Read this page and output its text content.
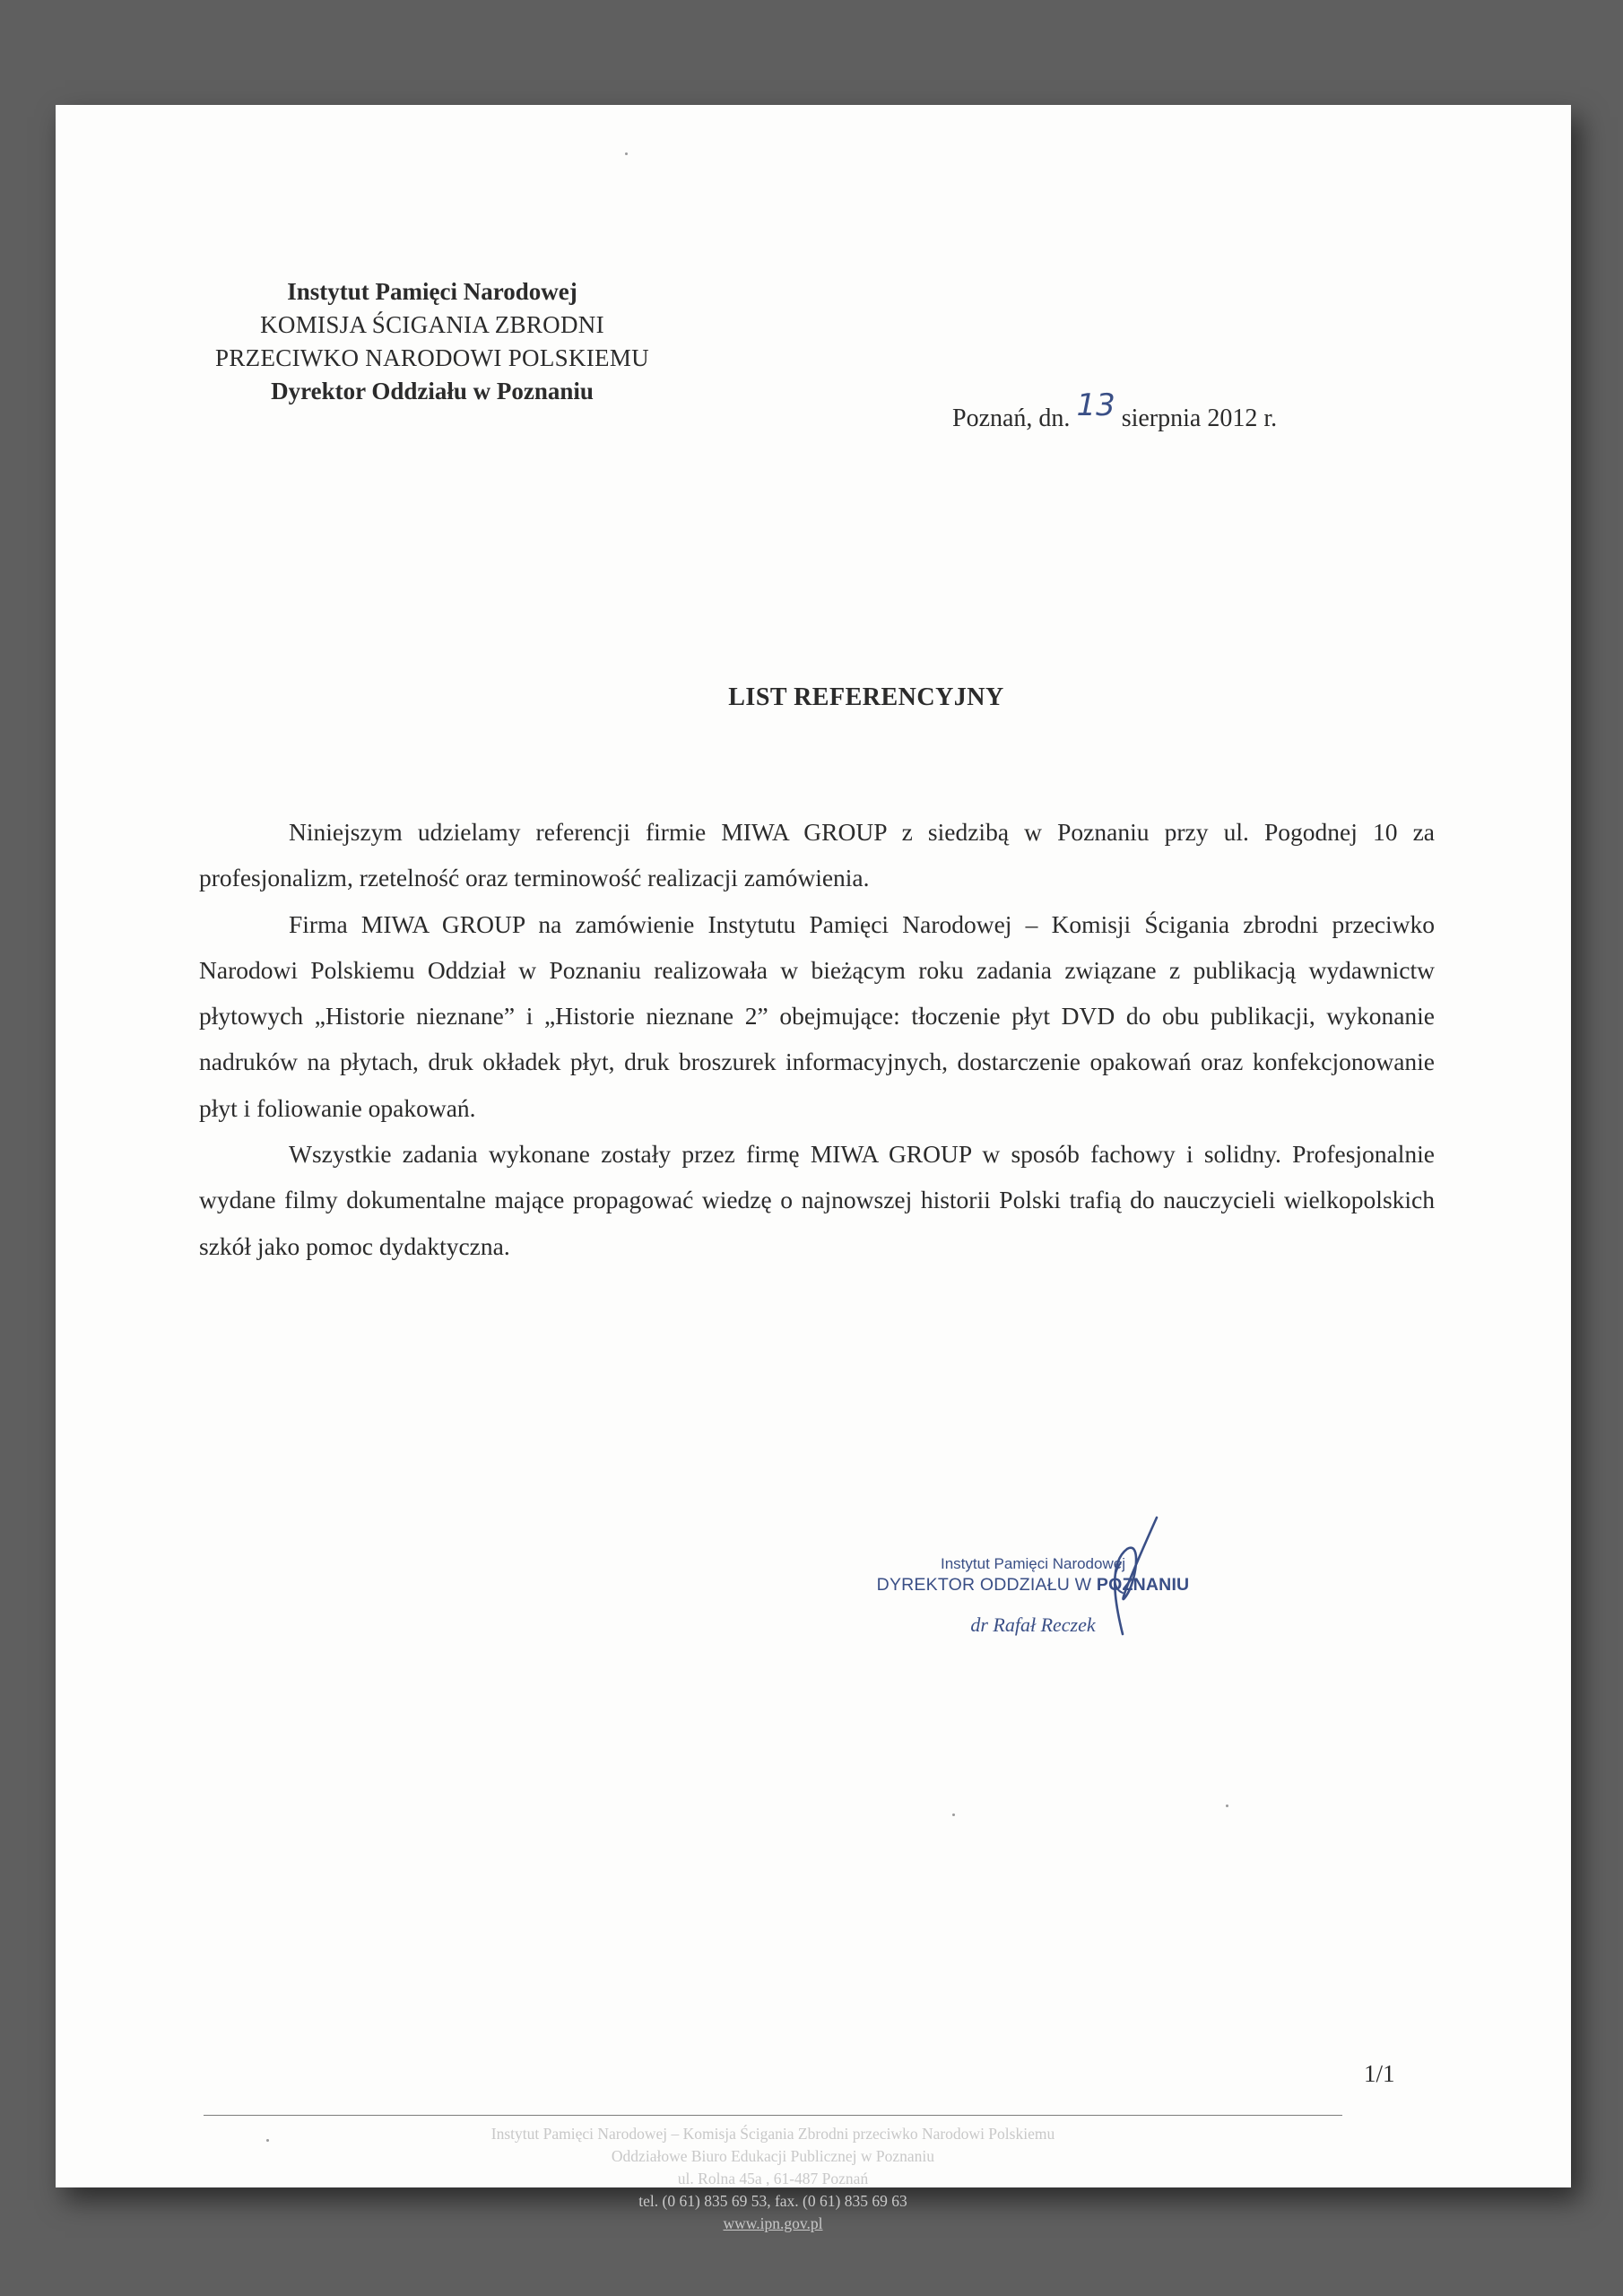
Instytut Pamięci Narodowej
KOMISJA ŚCIGANIA ZBRODNI
PRZECIWKO NARODOWI POLSKIEMU
Dyrektor Oddziału w Poznaniu
Poznań, dn. 13 sierpnia 2012 r.
LIST REFERENCYJNY

Niniejszym udzielamy referencji firmie MIWA GROUP z siedzibą w Poznaniu przy ul. Pogodnej 10 za profesjonalizm, rzetelność oraz terminowość realizacji zamówienia.

Firma MIWA GROUP na zamówienie Instytutu Pamięci Narodowej – Komisji Ścigania zbrodni przeciwko Narodowi Polskiemu Oddział w Poznaniu realizowała w bieżącym roku zadania związane z publikacją wydawnictw płytowych „Historie nieznane” i „Historie nieznane 2” obejmujące: tłoczenie płyt DVD do obu publikacji, wykonanie nadruków na płytach, druk okładek płyt, druk broszurek informacyjnych, dostarczenie opakowań oraz konfekcjonowanie płyt i foliowanie opakowań.

Wszystkie zadania wykonane zostały przez firmę MIWA GROUP w sposób fachowy i solidny. Profesjonalnie wydane filmy dokumentalne mające propagować wiedzę o najnowszej historii Polski trafią do nauczycieli wielkopolskich szkół jako pomoc dydaktyczna.

Instytut Pamięci Narodowej
DYREKTOR ODDZIAŁU W POZNANIU
dr Rafał Reczek
1/1
Instytut Pamięci Narodowej – Komisja Ścigania Zbrodni przeciwko Narodowi Polskiemu
Oddziałowe Biuro Edukacji Publicznej w Poznaniu
ul. Rolna 45a , 61-487 Poznań
tel. (0 61) 835 69 53, fax. (0 61) 835 69 63
www.ipn.gov.pl
